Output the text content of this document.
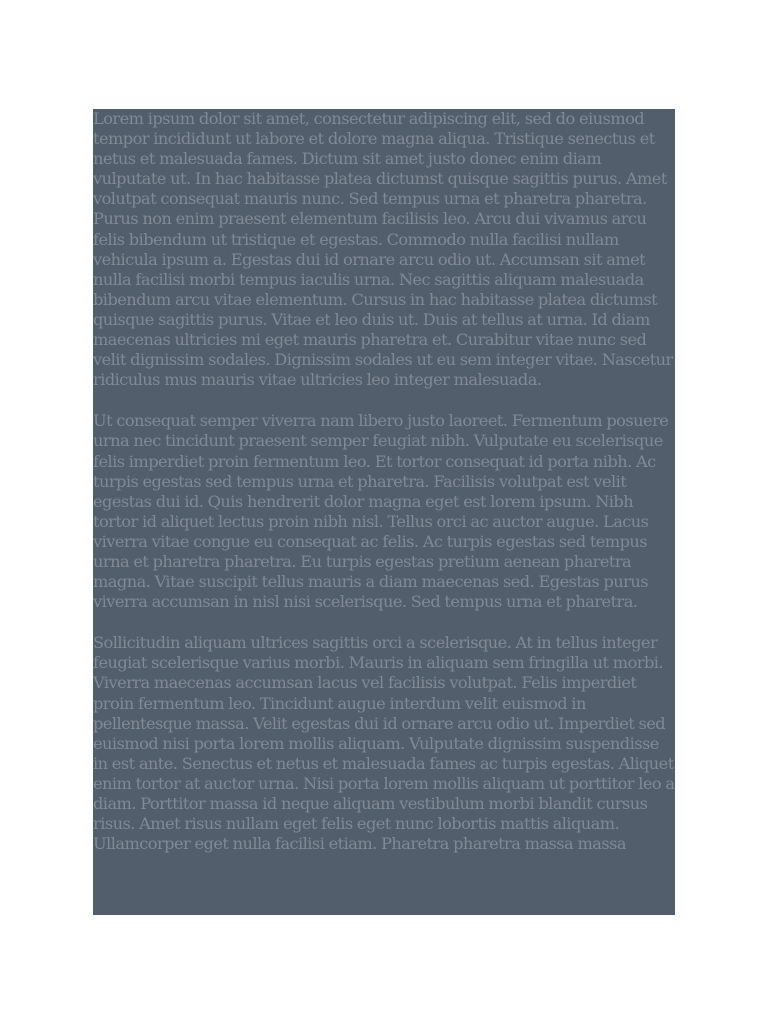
Lorem ipsum dolor sit amet, consectetur adipiscing elit, sed do eiusmod tempor incididunt ut labore et dolore magna aliqua. Tristique senectus et netus et malesuada fames. Dictum sit amet justo donec enim diam vulputate ut. In hac habitasse platea dictumst quisque sagittis purus. Amet volutpat consequat mauris nunc. Sed tempus urna et pharetra pharetra. Purus non enim praesent elementum facilisis leo. Arcu dui vivamus arcu felis bibendum ut tristique et egestas. Commodo nulla facilisi nullam vehicula ipsum a. Egestas dui id ornare arcu odio ut. Accumsan sit amet nulla facilisi morbi tempus iaculis urna. Nec sagittis aliquam malesuada bibendum arcu vitae elementum. Cursus in hac habitasse platea dictumst quisque sagittis purus. Vitae et leo duis ut. Duis at tellus at urna. Id diam maecenas ultricies mi eget mauris pharetra et. Curabitur vitae nunc sed velit dignissim sodales. Dignissim sodales ut eu sem integer vitae. Nascetur ridiculus mus mauris vitae ultricies leo integer malesuada.

Ut consequat semper viverra nam libero justo laoreet. Fermentum posuere urna nec tincidunt praesent semper feugiat nibh. Vulputate eu scelerisque felis imperdiet proin fermentum leo. Et tortor consequat id porta nibh. Ac turpis egestas sed tempus urna et pharetra. Facilisis volutpat est velit egestas dui id. Quis hendrerit dolor magna eget est lorem ipsum. Nibh tortor id aliquet lectus proin nibh nisl. Tellus orci ac auctor augue. Lacus viverra vitae congue eu consequat ac felis. Ac turpis egestas sed tempus urna et pharetra pharetra. Eu turpis egestas pretium aenean pharetra magna. Vitae suscipit tellus mauris a diam maecenas sed. Egestas purus viverra accumsan in nisl nisi scelerisque. Sed tempus urna et pharetra.

Sollicitudin aliquam ultrices sagittis orci a scelerisque. At in tellus integer feugiat scelerisque varius morbi. Mauris in aliquam sem fringilla ut morbi. Viverra maecenas accumsan lacus vel facilisis volutpat. Felis imperdiet proin fermentum leo. Tincidunt augue interdum velit euismod in pellentesque massa. Velit egestas dui id ornare arcu odio ut. Imperdiet sed euismod nisi porta lorem mollis aliquam. Vulputate dignissim suspendisse in est ante. Senectus et netus et malesuada fames ac turpis egestas. Aliquet enim tortor at auctor urna. Nisi porta lorem mollis aliquam ut porttitor leo a diam. Porttitor massa id neque aliquam vestibulum morbi blandit cursus risus. Amet risus nullam eget felis eget nunc lobortis mattis aliquam. Ullamcorper eget nulla facilisi etiam. Pharetra pharetra massa massa
